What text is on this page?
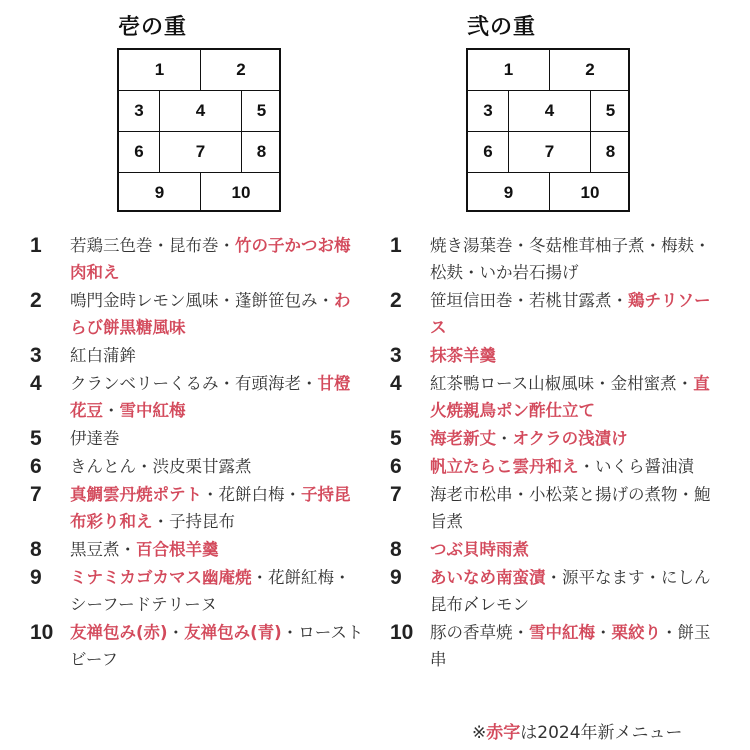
壱の重
1	2
3	4	5
6	7	8
9	10
1 若鶏三色巻・昆布巻・竹の子かつお梅肉和え
2 鳴門金時レモン風味・蓬餅笹包み・わらび餅黒糖風味
3 紅白蒲鉾
4 クランベリーくるみ・有頭海老・甘橙花豆・雪中紅梅
5 伊達巻
6 きんとん・渋皮栗甘露煮
7 真鯛雲丹焼ポテト・花餅白梅・子持昆布彩り和え・子持昆布
8 黒豆煮・百合根羊羹
9 ミナミカゴカマス幽庵焼・花餅紅梅・シーフードテリーヌ
10 友禅包み(赤)・友禅包み(青)・ローストビーフ
弐の重
1	2
3	4	5
6	7	8
9	10
1 焼き湯葉巻・冬菇椎茸柚子煮・梅麸・松麸・いか岩石揚げ
2 笹垣信田巻・若桃甘露煮・鶏チリソース
3 抹茶羊羹
4 紅茶鴨ロース山椒風味・金柑蜜煮・直火焼親鳥ポン酢仕立て
5 海老新丈・オクラの浅漬け
6 帆立たらこ雲丹和え・いくら醤油漬
7 海老市松串・小松菜と揚げの煮物・鮑旨煮
8 つぶ貝時雨煮
9 あいなめ南蛮漬・源平なます・にしん昆布〆レモン
10 豚の香草焼・雪中紅梅・栗絞り・餅玉串
※赤字は2024年新メニュー
